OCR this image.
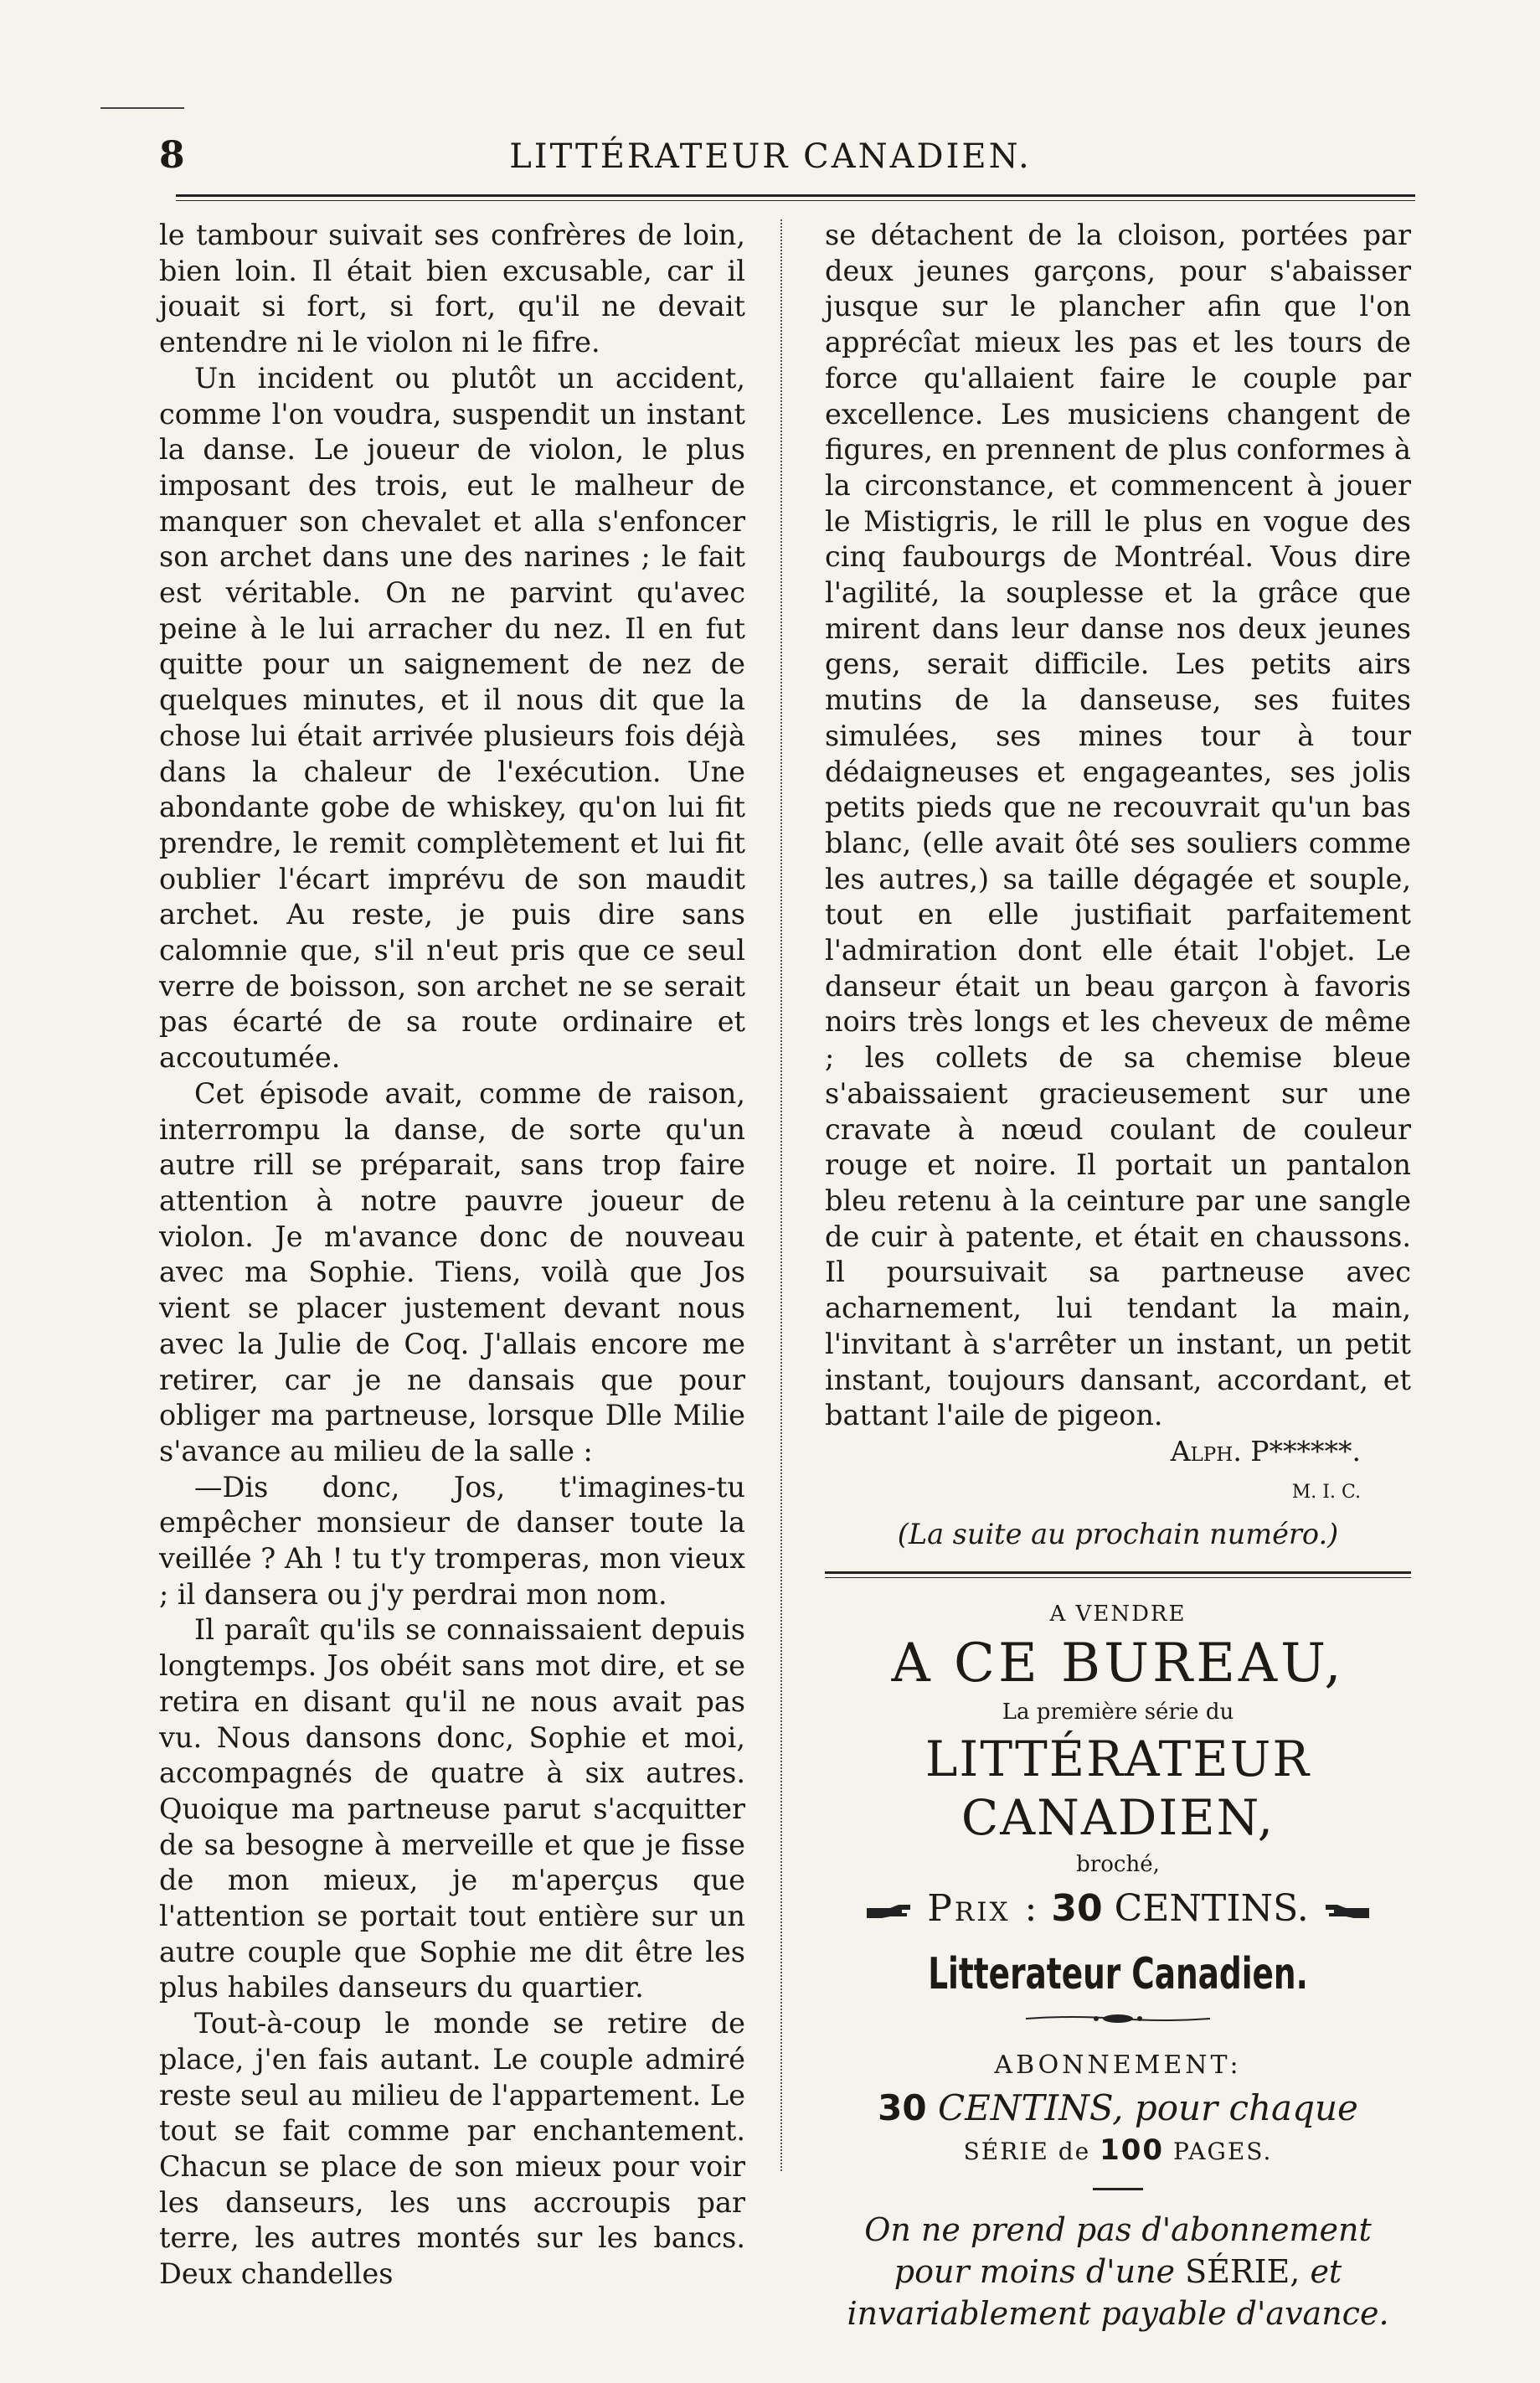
8	LITTÉRATEUR CANADIEN.

le tambour suivait ses confrères de loin, bien loin. Il était bien excusable, car il jouait si fort, si fort, qu'il ne devait entendre ni le violon ni le fifre.

Un incident ou plutôt un accident, comme l'on voudra, suspendit un instant la danse. Le joueur de violon, le plus imposant des trois, eut le malheur de manquer son chevalet et alla s'enfoncer son archet dans une des narines ; le fait est véritable. On ne parvint qu'avec peine à le lui arracher du nez. Il en fut quitte pour un saignement de nez de quelques minutes, et il nous dit que la chose lui était arrivée plusieurs fois déjà dans la chaleur de l'exécution. Une abondante gobe de whiskey, qu'on lui fit prendre, le remit complètement et lui fit oublier l'écart imprévu de son maudit archet. Au reste, je puis dire sans calomnie que, s'il n'eut pris que ce seul verre de boisson, son archet ne se serait pas écarté de sa route ordinaire et accoutumée.

Cet épisode avait, comme de raison, interrompu la danse, de sorte qu'un autre rill se préparait, sans trop faire attention à notre pauvre joueur de violon. Je m'avance donc de nouveau avec ma Sophie. Tiens, voilà que Jos vient se placer justement devant nous avec la Julie de Coq. J'allais encore me retirer, car je ne dansais que pour obliger ma partneuse, lorsque Dlle Milie s'avance au milieu de la salle :

—Dis donc, Jos, t'imagines-tu empêcher monsieur de danser toute la veillée ? Ah ! tu t'y tromperas, mon vieux ; il dansera ou j'y perdrai mon nom.

Il paraît qu'ils se connaissaient depuis longtemps. Jos obéit sans mot dire, et se retira en disant qu'il ne nous avait pas vu. Nous dansons donc, Sophie et moi, accompagnés de quatre à six autres. Quoique ma partneuse parut s'acquitter de sa besogne à merveille et que je fisse de mon mieux, je m'aperçus que l'attention se portait tout entière sur un autre couple que Sophie me dit être les plus habiles danseurs du quartier.

Tout-à-coup le monde se retire de place, j'en fais autant. Le couple admiré reste seul au milieu de l'appartement. Le tout se fait comme par enchantement. Chacun se place de son mieux pour voir les danseurs, les uns accroupis par terre, les autres montés sur les bancs. Deux chandelles

se détachent de la cloison, portées par deux jeunes garçons, pour s'abaisser jusque sur le plancher afin que l'on apprécîat mieux les pas et les tours de force qu'allaient faire le couple par excellence. Les musiciens changent de figures, en prennent de plus conformes à la circonstance, et commencent à jouer le Mistigris, le rill le plus en vogue des cinq faubourgs de Montréal. Vous dire l'agilité, la souplesse et la grâce que mirent dans leur danse nos deux jeunes gens, serait difficile. Les petits airs mutins de la danseuse, ses fuites simulées, ses mines tour à tour dédaigneuses et engageantes, ses jolis petits pieds que ne recouvrait qu'un bas blanc, (elle avait ôté ses souliers comme les autres,) sa taille dégagée et souple, tout en elle justifiait parfaitement l'admiration dont elle était l'objet. Le danseur était un beau garçon à favoris noirs très longs et les cheveux de même ; les collets de sa chemise bleue s'abaissaient gracieusement sur une cravate à nœud coulant de couleur rouge et noire. Il portait un pantalon bleu retenu à la ceinture par une sangle de cuir à patente, et était en chaussons. Il poursuivait sa partneuse avec acharnement, lui tendant la main, l'invitant à s'arrêter un instant, un petit instant, toujours dansant, accordant, et battant l'aile de pigeon.

Alph. P******.
M. I. C.
(La suite au prochain numéro.)
A VENDRE
A CE BUREAU,
La première série du
LITTÉRATEUR CANADIEN,
broché,
Prix : 30 CENTINS.
Litterateur Canadien.
ABONNEMENT:
30 CENTINS, pour chaque
SÉRIE de 100 PAGES.
On ne prend pas d'abonnement pour moins d'une SÉRIE, et invariablement payable d'avance.
